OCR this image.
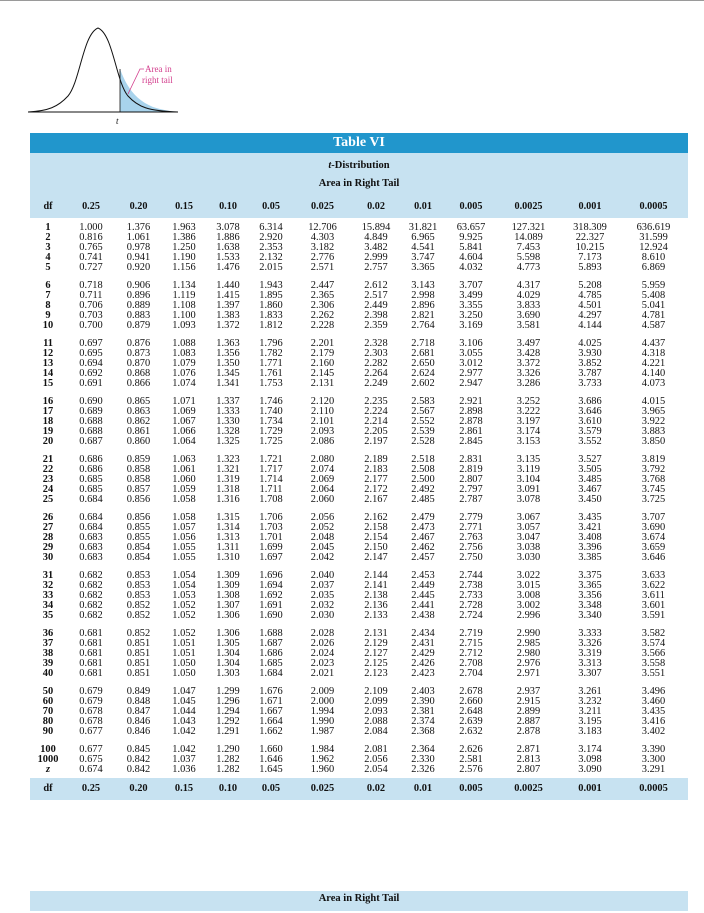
Area in
right tail
t
Table VI
t-Distribution
Area in Right Tail
df	0.25	0.20	0.15	0.10	0.05	0.025	0.02	0.01	0.005	0.0025	0.001	0.0005
1	1.000	1.376	1.963	3.078	6.314	12.706	15.894	31.821	63.657	127.321	318.309	636.619
2	0.816	1.061	1.386	1.886	2.920	4.303	4.849	6.965	9.925	14.089	22.327	31.599
3	0.765	0.978	1.250	1.638	2.353	3.182	3.482	4.541	5.841	7.453	10.215	12.924
4	0.741	0.941	1.190	1.533	2.132	2.776	2.999	3.747	4.604	5.598	7.173	8.610
5	0.727	0.920	1.156	1.476	2.015	2.571	2.757	3.365	4.032	4.773	5.893	6.869
6	0.718	0.906	1.134	1.440	1.943	2.447	2.612	3.143	3.707	4.317	5.208	5.959
7	0.711	0.896	1.119	1.415	1.895	2.365	2.517	2.998	3.499	4.029	4.785	5.408
8	0.706	0.889	1.108	1.397	1.860	2.306	2.449	2.896	3.355	3.833	4.501	5.041
9	0.703	0.883	1.100	1.383	1.833	2.262	2.398	2.821	3.250	3.690	4.297	4.781
10	0.700	0.879	1.093	1.372	1.812	2.228	2.359	2.764	3.169	3.581	4.144	4.587
11	0.697	0.876	1.088	1.363	1.796	2.201	2.328	2.718	3.106	3.497	4.025	4.437
12	0.695	0.873	1.083	1.356	1.782	2.179	2.303	2.681	3.055	3.428	3.930	4.318
13	0.694	0.870	1.079	1.350	1.771	2.160	2.282	2.650	3.012	3.372	3.852	4.221
14	0.692	0.868	1.076	1.345	1.761	2.145	2.264	2.624	2.977	3.326	3.787	4.140
15	0.691	0.866	1.074	1.341	1.753	2.131	2.249	2.602	2.947	3.286	3.733	4.073
16	0.690	0.865	1.071	1.337	1.746	2.120	2.235	2.583	2.921	3.252	3.686	4.015
17	0.689	0.863	1.069	1.333	1.740	2.110	2.224	2.567	2.898	3.222	3.646	3.965
18	0.688	0.862	1.067	1.330	1.734	2.101	2.214	2.552	2.878	3.197	3.610	3.922
19	0.688	0.861	1.066	1.328	1.729	2.093	2.205	2.539	2.861	3.174	3.579	3.883
20	0.687	0.860	1.064	1.325	1.725	2.086	2.197	2.528	2.845	3.153	3.552	3.850
21	0.686	0.859	1.063	1.323	1.721	2.080	2.189	2.518	2.831	3.135	3.527	3.819
22	0.686	0.858	1.061	1.321	1.717	2.074	2.183	2.508	2.819	3.119	3.505	3.792
23	0.685	0.858	1.060	1.319	1.714	2.069	2.177	2.500	2.807	3.104	3.485	3.768
24	0.685	0.857	1.059	1.318	1.711	2.064	2.172	2.492	2.797	3.091	3.467	3.745
25	0.684	0.856	1.058	1.316	1.708	2.060	2.167	2.485	2.787	3.078	3.450	3.725
26	0.684	0.856	1.058	1.315	1.706	2.056	2.162	2.479	2.779	3.067	3.435	3.707
27	0.684	0.855	1.057	1.314	1.703	2.052	2.158	2.473	2.771	3.057	3.421	3.690
28	0.683	0.855	1.056	1.313	1.701	2.048	2.154	2.467	2.763	3.047	3.408	3.674
29	0.683	0.854	1.055	1.311	1.699	2.045	2.150	2.462	2.756	3.038	3.396	3.659
30	0.683	0.854	1.055	1.310	1.697	2.042	2.147	2.457	2.750	3.030	3.385	3.646
31	0.682	0.853	1.054	1.309	1.696	2.040	2.144	2.453	2.744	3.022	3.375	3.633
32	0.682	0.853	1.054	1.309	1.694	2.037	2.141	2.449	2.738	3.015	3.365	3.622
33	0.682	0.853	1.053	1.308	1.692	2.035	2.138	2.445	2.733	3.008	3.356	3.611
34	0.682	0.852	1.052	1.307	1.691	2.032	2.136	2.441	2.728	3.002	3.348	3.601
35	0.682	0.852	1.052	1.306	1.690	2.030	2.133	2.438	2.724	2.996	3.340	3.591
36	0.681	0.852	1.052	1.306	1.688	2.028	2.131	2.434	2.719	2.990	3.333	3.582
37	0.681	0.851	1.051	1.305	1.687	2.026	2.129	2.431	2.715	2.985	3.326	3.574
38	0.681	0.851	1.051	1.304	1.686	2.024	2.127	2.429	2.712	2.980	3.319	3.566
39	0.681	0.851	1.050	1.304	1.685	2.023	2.125	2.426	2.708	2.976	3.313	3.558
40	0.681	0.851	1.050	1.303	1.684	2.021	2.123	2.423	2.704	2.971	3.307	3.551
50	0.679	0.849	1.047	1.299	1.676	2.009	2.109	2.403	2.678	2.937	3.261	3.496
60	0.679	0.848	1.045	1.296	1.671	2.000	2.099	2.390	2.660	2.915	3.232	3.460
70	0.678	0.847	1.044	1.294	1.667	1.994	2.093	2.381	2.648	2.899	3.211	3.435
80	0.678	0.846	1.043	1.292	1.664	1.990	2.088	2.374	2.639	2.887	3.195	3.416
90	0.677	0.846	1.042	1.291	1.662	1.987	2.084	2.368	2.632	2.878	3.183	3.402
100	0.677	0.845	1.042	1.290	1.660	1.984	2.081	2.364	2.626	2.871	3.174	3.390
1000	0.675	0.842	1.037	1.282	1.646	1.962	2.056	2.330	2.581	2.813	3.098	3.300
z	0.674	0.842	1.036	1.282	1.645	1.960	2.054	2.326	2.576	2.807	3.090	3.291
df	0.25	0.20	0.15	0.10	0.05	0.025	0.02	0.01	0.005	0.0025	0.001	0.0005
Area in Right Tail
